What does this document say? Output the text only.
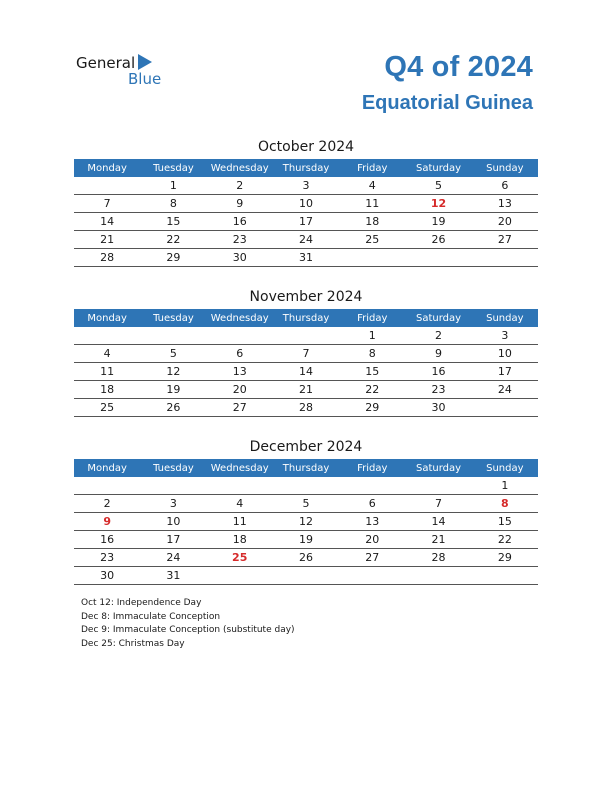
General
Blue	Q4 of 2024
Equatorial Guinea
October 2024
Monday	Tuesday	Wednesday	Thursday	Friday	Saturday	Sunday
	1	2	3	4	5	6
7	8	9	10	11	12	13
14	15	16	17	18	19	20
21	22	23	24	25	26	27
28	29	30	31			
November 2024
Monday	Tuesday	Wednesday	Thursday	Friday	Saturday	Sunday
				1	2	3
4	5	6	7	8	9	10
11	12	13	14	15	16	17
18	19	20	21	22	23	24
25	26	27	28	29	30	
December 2024
Monday	Tuesday	Wednesday	Thursday	Friday	Saturday	Sunday
						1
2	3	4	5	6	7	8
9	10	11	12	13	14	15
16	17	18	19	20	21	22
23	24	25	26	27	28	29
30	31					
Oct 12: Independence Day
Dec 8: Immaculate Conception
Dec 9: Immaculate Conception (substitute day)
Dec 25: Christmas Day
